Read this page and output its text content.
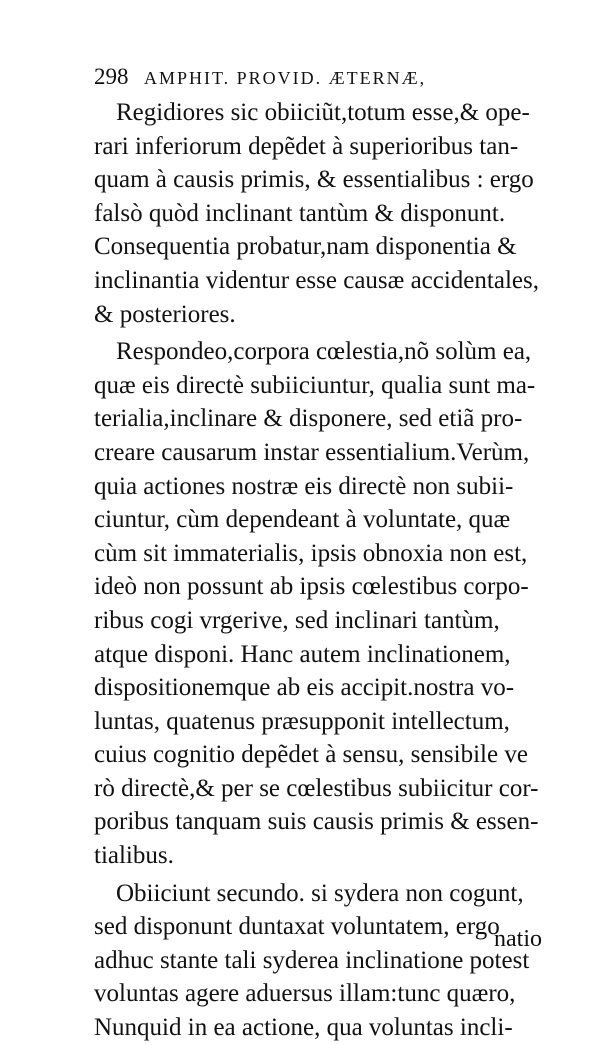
298 AMPHIT. PROVID. ÆTERNÆ,
Regidiores sic obiiciũt,totum esse,& ope-
rari inferiorum depẽdet à superioribus tan-
quam à causis primis, & essentialibus : ergo
falsò quòd inclinant tantùm & disponunt.
Consequentia probatur,nam disponentia &
inclinantia videntur esse causæ accidentales,
& posteriores.
Respondeo,corpora cœlestia,nõ solùm ea,
quæ eis directè subiiciuntur, qualia sunt ma-
terialia,inclinare & disponere, sed etiã pro-
creare causarum instar essentialium.Verùm,
quia actiones nostræ eis directè non subii-
ciuntur, cùm dependeant à voluntate, quæ
cùm sit immaterialis, ipsis obnoxia non est,
ideò non possunt ab ipsis cœlestibus corpo-
ribus cogi vrgerive, sed inclinari tantùm,
atque disponi. Hanc autem inclinationem,
dispositionemque ab eis accipit.nostra vo-
luntas, quatenus præsupponit intellectum,
cuius cognitio depẽdet à sensu, sensibile ve
rò directè,& per se cœlestibus subiicitur cor-
poribus tanquam suis causis primis & essen-
tialibus.
Obiiciunt secundo. si sydera non cogunt,
sed disponunt duntaxat voluntatem, ergo
adhuc stante tali syderea inclinatione potest
voluntas agere aduersus illam:tunc quæro,
Nunquid in ea actione, qua voluntas incli-
natio
